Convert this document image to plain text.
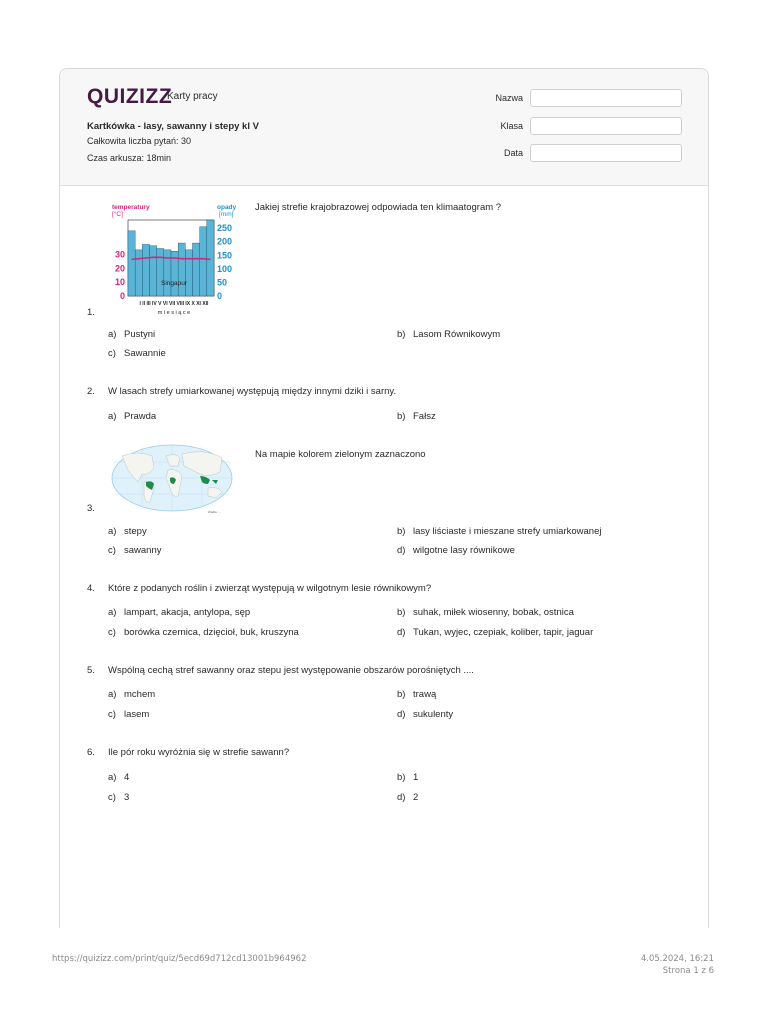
QUIZIZZ
Karty pracy
Kartkówka - lasy, sawanny i stepy kl V
Całkowita liczba pytań: 30
Czas arkusza: 18min
Nazwa
Klasa
Data
temperatury
[°C]
opady
[mm]
30
20
10
0
250
200
150
100
50
0
Singapur
I II III IV V VI VII VIII IX X XI XII
m i e s i ą c e
Jakiej strefie krajobrazowej odpowiada ten klimaatogram ?
1.
a) Pustyni	b) Lasom Równikowym
c) Sawannie
2. W lasach strefy umiarkowanej występują między innymi dziki i sarny.
a) Prawda	b) Fałsz
Źródło: ...
Na mapie kolorem zielonym zaznaczono
3.
a) stepy	b) lasy liściaste i mieszane strefy umiarkowanej
c) sawanny	d) wilgotne lasy równikowe
4. Które z podanych roślin i zwierząt występują w wilgotnym lesie równikowym?
a) lampart, akacja, antylopa, sęp	b) suhak, miłek wiosenny, bobak, ostnica
c) borówka czernica, dzięcioł, buk, kruszyna	d) Tukan, wyjec, czepiak, koliber, tapir, jaguar
5. Wspólną cechą stref sawanny oraz stepu jest występowanie obszarów porośniętych ....
a) mchem	b) trawą
c) lasem	d) sukulenty
6. Ile pór roku wyróżnia się w strefie sawann?
a) 4	b) 1
c) 3	d) 2
https://quizizz.com/print/quiz/5ecd69d712cd13001b964962	4.05.2024, 16:21
Strona 1 z 6
